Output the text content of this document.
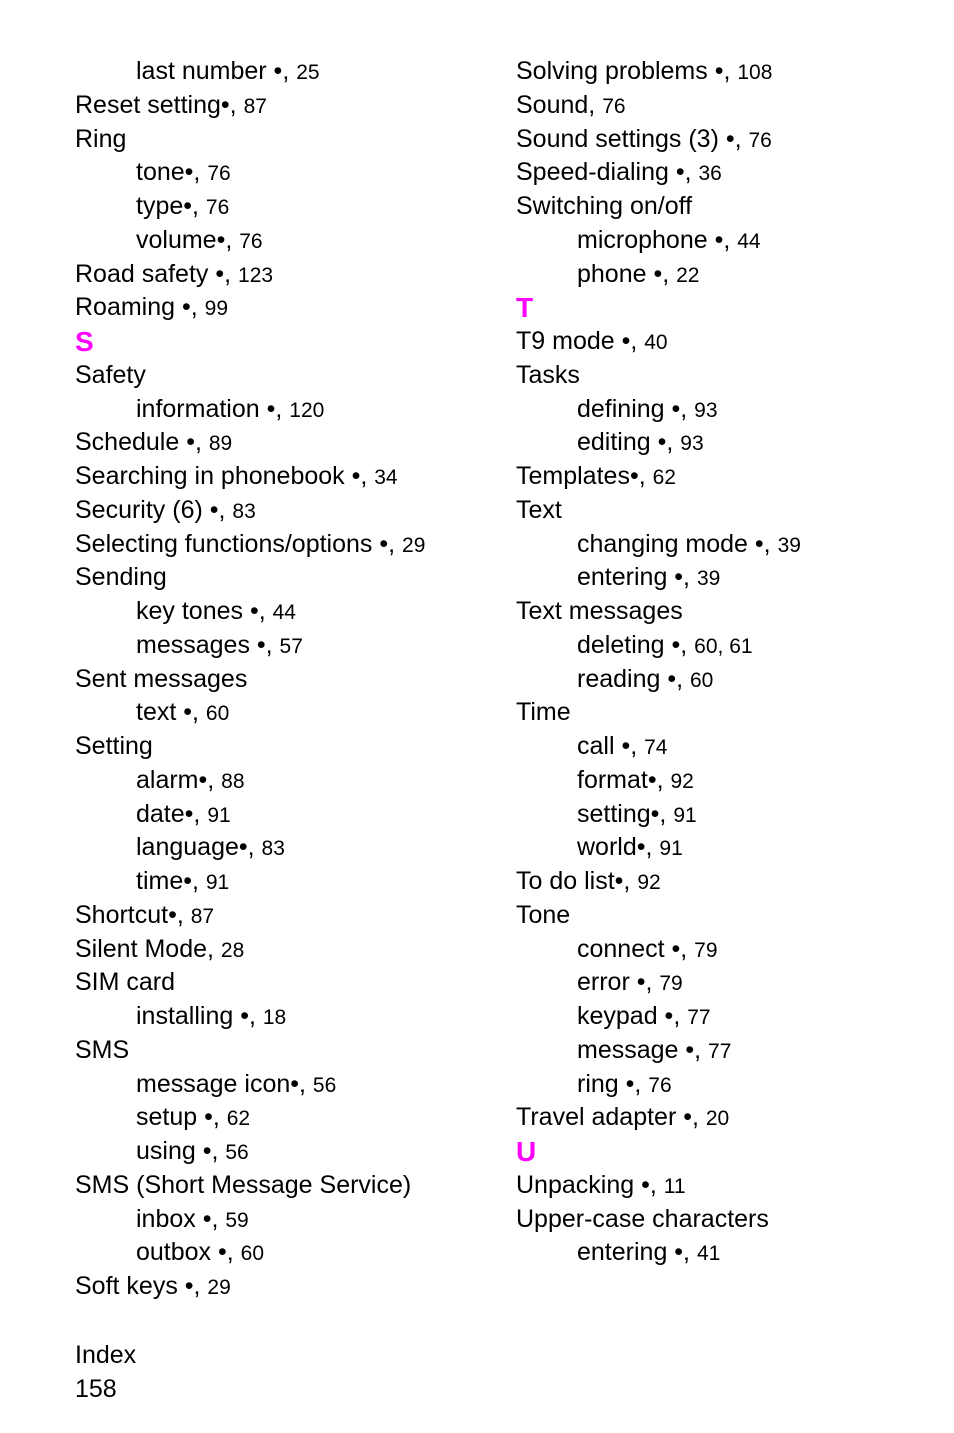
last number •, 25
Reset setting•, 87
Ring
tone•, 76
type•, 76
volume•, 76
Road safety •, 123
Roaming •, 99
S
Safety
information •, 120
Schedule •, 89
Searching in phonebook •, 34
Security (6) •, 83
Selecting functions/options •, 29
Sending
key tones •, 44
messages •, 57
Sent messages
text •, 60
Setting
alarm•, 88
date•, 91
language•, 83
time•, 91
Shortcut•, 87
Silent Mode, 28
SIM card
installing •, 18
SMS
message icon•, 56
setup •, 62
using •, 56
SMS (Short Message Service)
inbox •, 59
outbox •, 60
Soft keys •, 29
Solving problems •, 108
Sound, 76
Sound settings (3) •, 76
Speed-dialing •, 36
Switching on/off
microphone •, 44
phone •, 22
T
T9 mode •, 40
Tasks
defining •, 93
editing •, 93
Templates•, 62
Text
changing mode •, 39
entering •, 39
Text messages
deleting •, 60, 61
reading •, 60
Time
call •, 74
format•, 92
setting•, 91
world•, 91
To do list•, 92
Tone
connect •, 79
error •, 79
keypad •, 77
message •, 77
ring •, 76
Travel adapter •, 20
U
Unpacking •, 11
Upper-case characters
entering •, 41
Index
158
